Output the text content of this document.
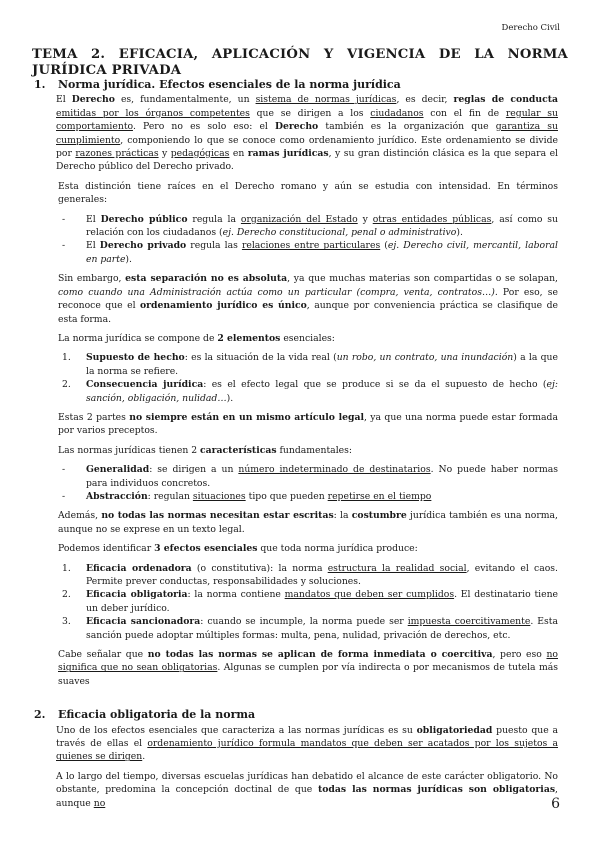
Derecho Civil
TEMA 2. EFICACIA, APLICACIÓN Y VIGENCIA DE LA NORMA JURÍDICA PRIVADA
1. Norma jurídica. Efectos esenciales de la norma jurídica

El Derecho es, fundamentalmente, un sistema de normas jurídicas, es decir, reglas de conducta emitidas por los órganos competentes que se dirigen a los ciudadanos con el fin de regular su comportamiento. Pero no es solo eso: el Derecho también es la organización que garantiza su cumplimiento, componiendo lo que se conoce como ordenamiento jurídico. Este ordenamiento se divide por razones prácticas y pedagógicas en ramas jurídicas, y su gran distinción clásica es la que separa el Derecho público del Derecho privado.

Esta distinción tiene raíces en el Derecho romano y aún se estudia con intensidad. En términos generales:

- El Derecho público regula la organización del Estado y otras entidades públicas, así como su relación con los ciudadanos (ej. Derecho constitucional, penal o administrativo).
- El Derecho privado regula las relaciones entre particulares (ej. Derecho civil, mercantil, laboral en parte).

Sin embargo, esta separación no es absoluta, ya que muchas materias son compartidas o se solapan, como cuando una Administración actúa como un particular (compra, venta, contratos…). Por eso, se reconoce que el ordenamiento jurídico es único, aunque por conveniencia práctica se clasifique de esta forma.

La norma jurídica se compone de 2 elementos esenciales:

1. Supuesto de hecho: es la situación de la vida real (un robo, un contrato, una inundación) a la que la norma se refiere.
2. Consecuencia jurídica: es el efecto legal que se produce si se da el supuesto de hecho (ej: sanción, obligación, nulidad…).

Estas 2 partes no siempre están en un mismo artículo legal, ya que una norma puede estar formada por varios preceptos.

Las normas jurídicas tienen 2 características fundamentales:

- Generalidad: se dirigen a un número indeterminado de destinatarios. No puede haber normas para individuos concretos.
- Abstracción: regulan situaciones tipo que pueden repetirse en el tiempo

Además, no todas las normas necesitan estar escritas: la costumbre jurídica también es una norma, aunque no se exprese en un texto legal.

Podemos identificar 3 efectos esenciales que toda norma jurídica produce:

1. Eficacia ordenadora (o constitutiva): la norma estructura la realidad social, evitando el caos. Permite prever conductas, responsabilidades y soluciones.
2. Eficacia obligatoria: la norma contiene mandatos que deben ser cumplidos. El destinatario tiene un deber jurídico.
3. Eficacia sancionadora: cuando se incumple, la norma puede ser impuesta coercitivamente. Esta sanción puede adoptar múltiples formas: multa, pena, nulidad, privación de derechos, etc.

Cabe señalar que no todas las normas se aplican de forma inmediata o coercitiva, pero eso no significa que no sean obligatorias. Algunas se cumplen por vía indirecta o por mecanismos de tutela más suaves

2. Eficacia obligatoria de la norma

Uno de los efectos esenciales que caracteriza a las normas jurídicas es su obligatoriedad puesto que a través de ellas el ordenamiento jurídico formula mandatos que deben ser acatados por los sujetos a quienes se dirigen.

A lo largo del tiempo, diversas escuelas jurídicas han debatido el alcance de este carácter obligatorio. No obstante, predomina la concepción doctinal de que todas las normas jurídicas son obligatorias, aunque no	6
